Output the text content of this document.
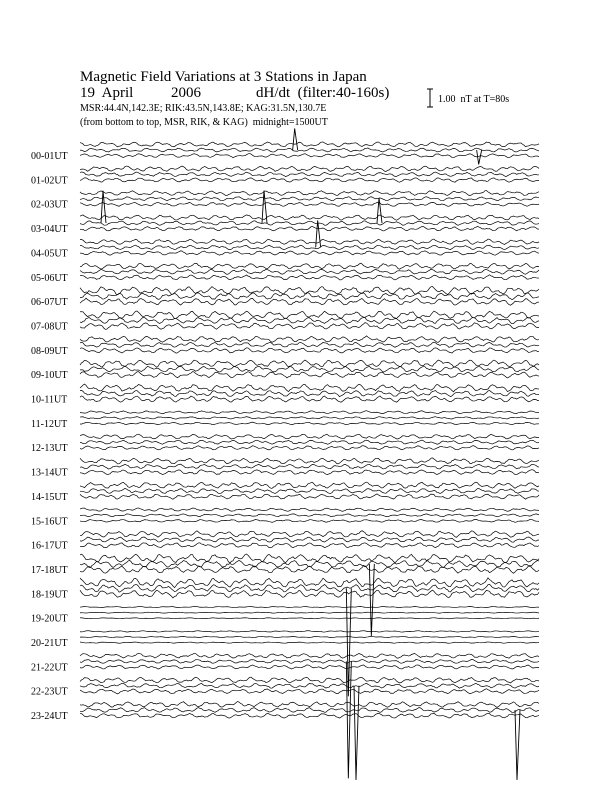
Magnetic Field Variations at 3 Stations in Japan

19  April

	2006

	dH/dt  (filter:40-160s)

MSR:44.4N,142.3E; RIK:43.5N,143.8E; KAG:31.5N,130.7E
(from bottom to top, MSR, RIK, & KAG)  midnight=1500UT
1.00  nT at T=80s
00-01UT
01-02UT
02-03UT
03-04UT
04-05UT
05-06UT
06-07UT
07-08UT
08-09UT
09-10UT
10-11UT
11-12UT
12-13UT
13-14UT
14-15UT
15-16UT
16-17UT
17-18UT
18-19UT
19-20UT
20-21UT
21-22UT
22-23UT
23-24UT
